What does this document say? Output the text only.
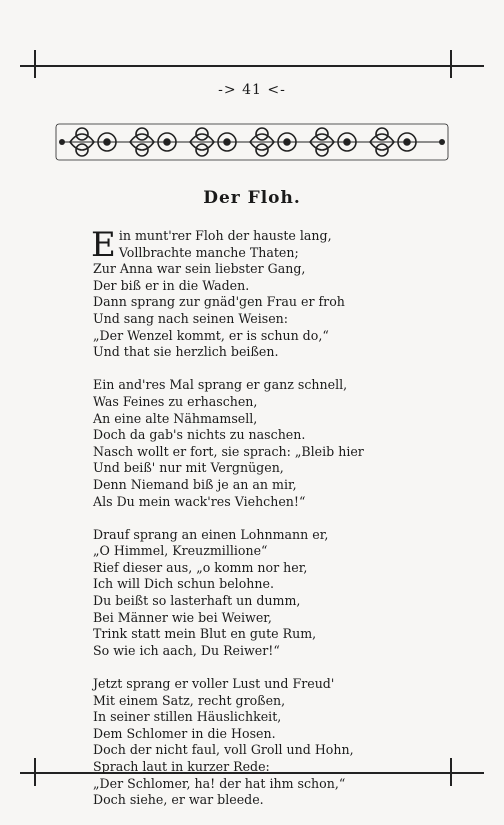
-> 41 <-
Der Floh.
E in munt'rer Floh der hauste lang,
Vollbrachte manche Thaten;
Zur Anna war sein liebster Gang,
Der biß er in die Waden.
Dann sprang zur gnäd'gen Frau er froh
Und sang nach seinen Weisen:
„Der Wenzel kommt, er is schun do,“
Und that sie herzlich beißen.
Ein and'res Mal sprang er ganz schnell,
Was Feines zu erhaschen,
An eine alte Nähmamsell,
Doch da gab's nichts zu naschen.
Nasch wollt er fort, sie sprach: „Bleib hier
Und beiß' nur mit Vergnügen,
Denn Niemand biß je an an mir,
Als Du mein wack'res Viehchen!“
Drauf sprang an einen Lohnmann er,
„O Himmel, Kreuzmillione“
Rief dieser aus, „o komm nor her,
Ich will Dich schun belohne.
Du beißt so lasterhaft un dumm,
Bei Männer wie bei Weiwer,
Trink statt mein Blut en gute Rum,
So wie ich aach, Du Reiwer!“
Jetzt sprang er voller Lust und Freud'
Mit einem Satz, recht großen,
In seiner stillen Häuslichkeit,
Dem Schlomer in die Hosen.
Doch der nicht faul, voll Groll und Hohn,
Sprach laut in kurzer Rede:
„Der Schlomer, ha! der hat ihm schon,“
Doch siehe, er war bleede.
